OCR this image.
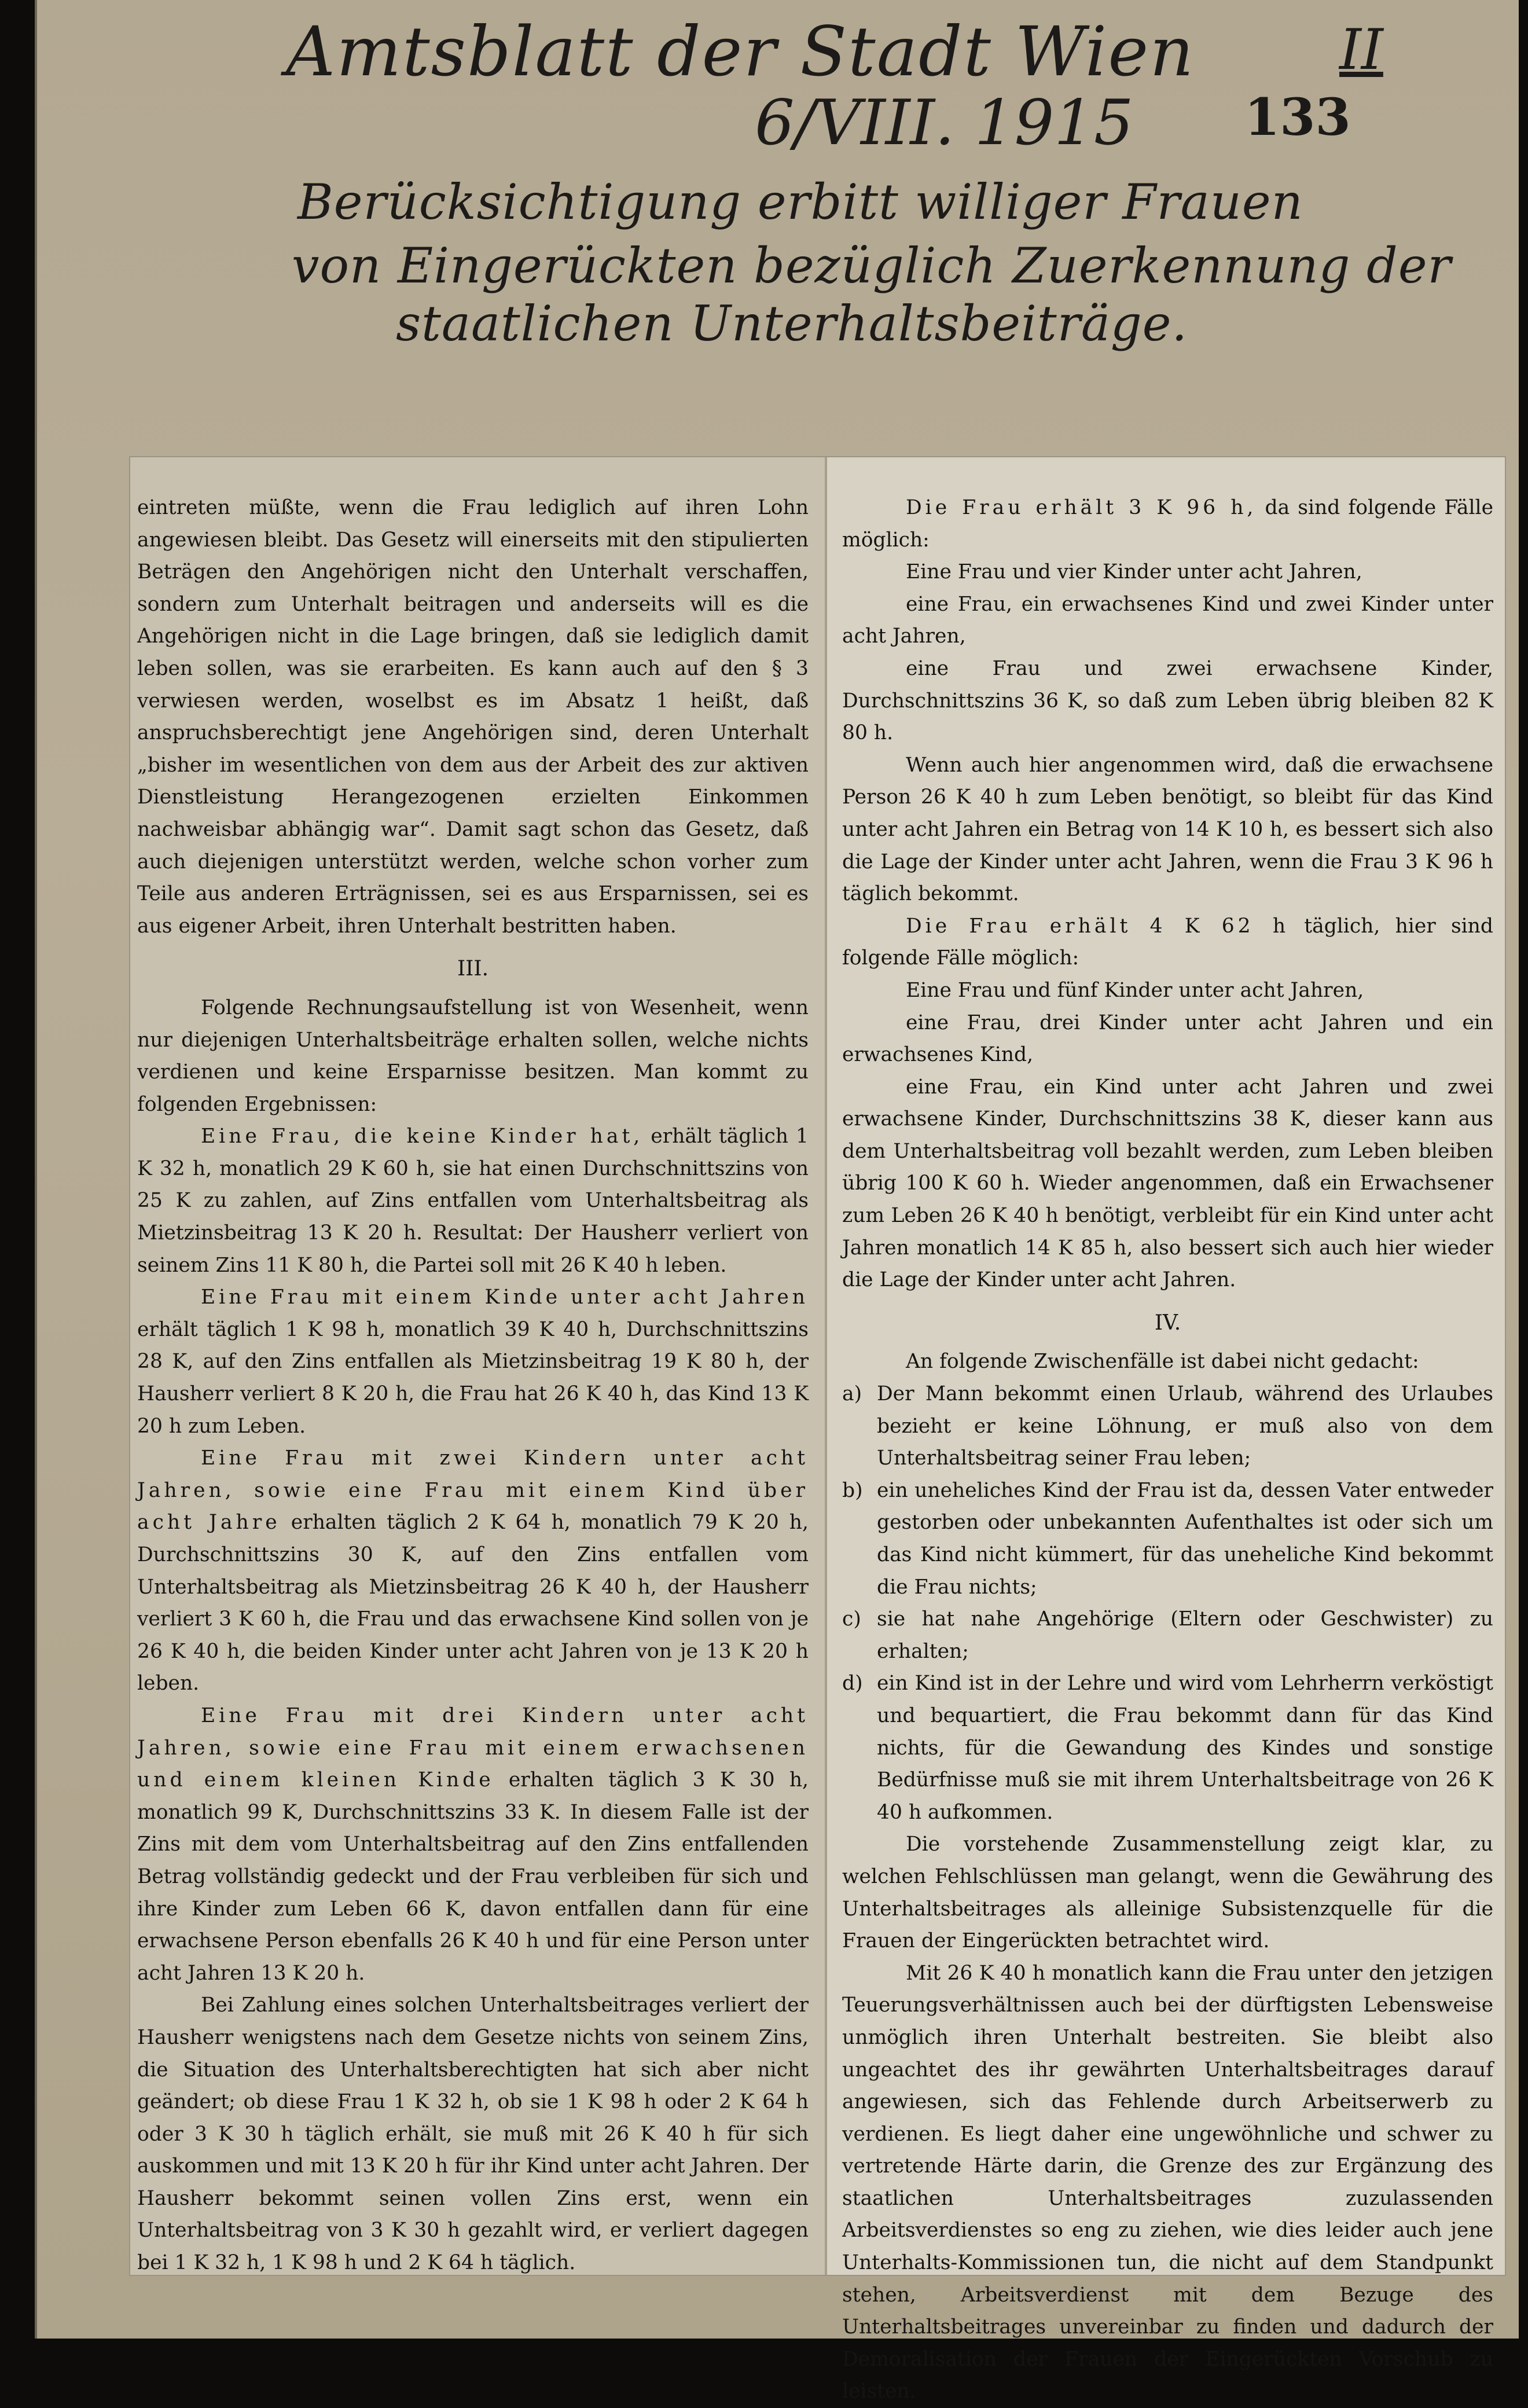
Amtsblatt der Stadt Wien	II
6/VIII. 1915
Berücksichtigung erbitt williger Frauen
von Eingerückten bezüglich Zuerkennung der
staatlichen Unterhaltsbeiträge.
133

eintreten müßte, wenn die Frau lediglich auf ihren Lohn angewiesen bleibt. Das Gesetz will einerseits mit den stipulierten Beträgen den Angehörigen nicht den Unterhalt verschaffen, sondern zum Unterhalt beitragen und anderseits will es die Angehörigen nicht in die Lage bringen, daß sie lediglich damit leben sollen, was sie erarbeiten. Es kann auch auf den § 3 verwiesen werden, woselbst es im Absatz 1 heißt, daß anspruchsberechtigt jene Angehörigen sind, deren Unterhalt „bisher im wesentlichen von dem aus der Arbeit des zur aktiven Dienstleistung Herangezogenen erzielten Einkommen nachweisbar abhängig war“. Damit sagt schon das Gesetz, daß auch diejenigen unterstützt werden, welche schon vorher zum Teile aus anderen Erträgnissen, sei es aus Ersparnissen, sei es aus eigener Arbeit, ihren Unterhalt bestritten haben.

III.

Folgende Rechnungsaufstellung ist von Wesenheit, wenn nur diejenigen Unterhaltsbeiträge erhalten sollen, welche nichts verdienen und keine Ersparnisse besitzen. Man kommt zu folgenden Ergebnissen:

Eine Frau, die keine Kinder hat, erhält täglich 1 K 32 h, monatlich 29 K 60 h, sie hat einen Durchschnittszins von 25 K zu zahlen, auf Zins entfallen vom Unterhaltsbeitrag als Mietzinsbeitrag 13 K 20 h. Resultat: Der Hausherr verliert von seinem Zins 11 K 80 h, die Partei soll mit 26 K 40 h leben.

Eine Frau mit einem Kinde unter acht Jahren erhält täglich 1 K 98 h, monatlich 39 K 40 h, Durchschnittszins 28 K, auf den Zins entfallen als Mietzinsbeitrag 19 K 80 h, der Hausherr verliert 8 K 20 h, die Frau hat 26 K 40 h, das Kind 13 K 20 h zum Leben.

Eine Frau mit zwei Kindern unter acht Jahren, sowie eine Frau mit einem Kind über acht Jahre erhalten täglich 2 K 64 h, monatlich 79 K 20 h, Durchschnittszins 30 K, auf den Zins entfallen vom Unterhaltsbeitrag als Mietzinsbeitrag 26 K 40 h, der Hausherr verliert 3 K 60 h, die Frau und das erwachsene Kind sollen von je 26 K 40 h, die beiden Kinder unter acht Jahren von je 13 K 20 h leben.

Eine Frau mit drei Kindern unter acht Jahren, sowie eine Frau mit einem erwachsenen und einem kleinen Kinde erhalten täglich 3 K 30 h, monatlich 99 K, Durchschnittszins 33 K. In diesem Falle ist der Zins mit dem vom Unterhaltsbeitrag auf den Zins entfallenden Betrag vollständig gedeckt und der Frau verbleiben für sich und ihre Kinder zum Leben 66 K, davon entfallen dann für eine erwachsene Person ebenfalls 26 K 40 h und für eine Person unter acht Jahren 13 K 20 h.

Bei Zahlung eines solchen Unterhaltsbeitrages verliert der Hausherr wenigstens nach dem Gesetze nichts von seinem Zins, die Situation des Unterhaltsberechtigten hat sich aber nicht geändert; ob diese Frau 1 K 32 h, ob sie 1 K 98 h oder 2 K 64 h oder 3 K 30 h täglich erhält, sie muß mit 26 K 40 h für sich auskommen und mit 13 K 20 h für ihr Kind unter acht Jahren. Der Hausherr bekommt seinen vollen Zins erst, wenn ein Unterhaltsbeitrag von 3 K 30 h gezahlt wird, er verliert dagegen bei 1 K 32 h, 1 K 98 h und 2 K 64 h täglich.

Die Frau erhält 3 K 96 h, da sind folgende Fälle möglich:

Eine Frau und vier Kinder unter acht Jahren,

eine Frau, ein erwachsenes Kind und zwei Kinder unter acht Jahren,

eine Frau und zwei erwachsene Kinder, Durchschnittszins 36 K, so daß zum Leben übrig bleiben 82 K 80 h.

Wenn auch hier angenommen wird, daß die erwachsene Person 26 K 40 h zum Leben benötigt, so bleibt für das Kind unter acht Jahren ein Betrag von 14 K 10 h, es bessert sich also die Lage der Kinder unter acht Jahren, wenn die Frau 3 K 96 h täglich bekommt.

Die Frau erhält 4 K 62 h täglich, hier sind folgende Fälle möglich:

Eine Frau und fünf Kinder unter acht Jahren,

eine Frau, drei Kinder unter acht Jahren und ein erwachsenes Kind,

eine Frau, ein Kind unter acht Jahren und zwei erwachsene Kinder, Durchschnittszins 38 K, dieser kann aus dem Unterhaltsbeitrag voll bezahlt werden, zum Leben bleiben übrig 100 K 60 h. Wieder angenommen, daß ein Erwachsener zum Leben 26 K 40 h benötigt, verbleibt für ein Kind unter acht Jahren monatlich 14 K 85 h, also bessert sich auch hier wieder die Lage der Kinder unter acht Jahren.

IV.

An folgende Zwischenfälle ist dabei nicht gedacht:

a) Der Mann bekommt einen Urlaub, während des Urlaubes bezieht er keine Löhnung, er muß also von dem Unterhaltsbeitrag seiner Frau leben;
b) ein uneheliches Kind der Frau ist da, dessen Vater entweder gestorben oder unbekannten Aufenthaltes ist oder sich um das Kind nicht kümmert, für das uneheliche Kind bekommt die Frau nichts;
c) sie hat nahe Angehörige (Eltern oder Geschwister) zu erhalten;
d) ein Kind ist in der Lehre und wird vom Lehrherrn verköstigt und bequartiert, die Frau bekommt dann für das Kind nichts, für die Gewandung des Kindes und sonstige Bedürfnisse muß sie mit ihrem Unterhaltsbeitrage von 26 K 40 h aufkommen.

Die vorstehende Zusammenstellung zeigt klar, zu welchen Fehlschlüssen man gelangt, wenn die Gewährung des Unterhaltsbeitrages als alleinige Subsistenzquelle für die Frauen der Eingerückten betrachtet wird.

Mit 26 K 40 h monatlich kann die Frau unter den jetzigen Teuerungsverhältnissen auch bei der dürftigsten Lebensweise unmöglich ihren Unterhalt bestreiten. Sie bleibt also ungeachtet des ihr gewährten Unterhaltsbeitrages darauf angewiesen, sich das Fehlende durch Arbeitserwerb zu verdienen. Es liegt daher eine ungewöhnliche und schwer zu vertretende Härte darin, die Grenze des zur Ergänzung des staatlichen Unterhaltsbeitrages zuzulassenden Arbeitsverdienstes so eng zu ziehen, wie dies leider auch jene Unterhalts-Kommissionen tun, die nicht auf dem Standpunkt stehen, Arbeitsverdienst mit dem Bezuge des Unterhaltsbeitrages unvereinbar zu finden und dadurch der Demoralisation der Frauen der Eingerückten Vorschub zu leisten.
